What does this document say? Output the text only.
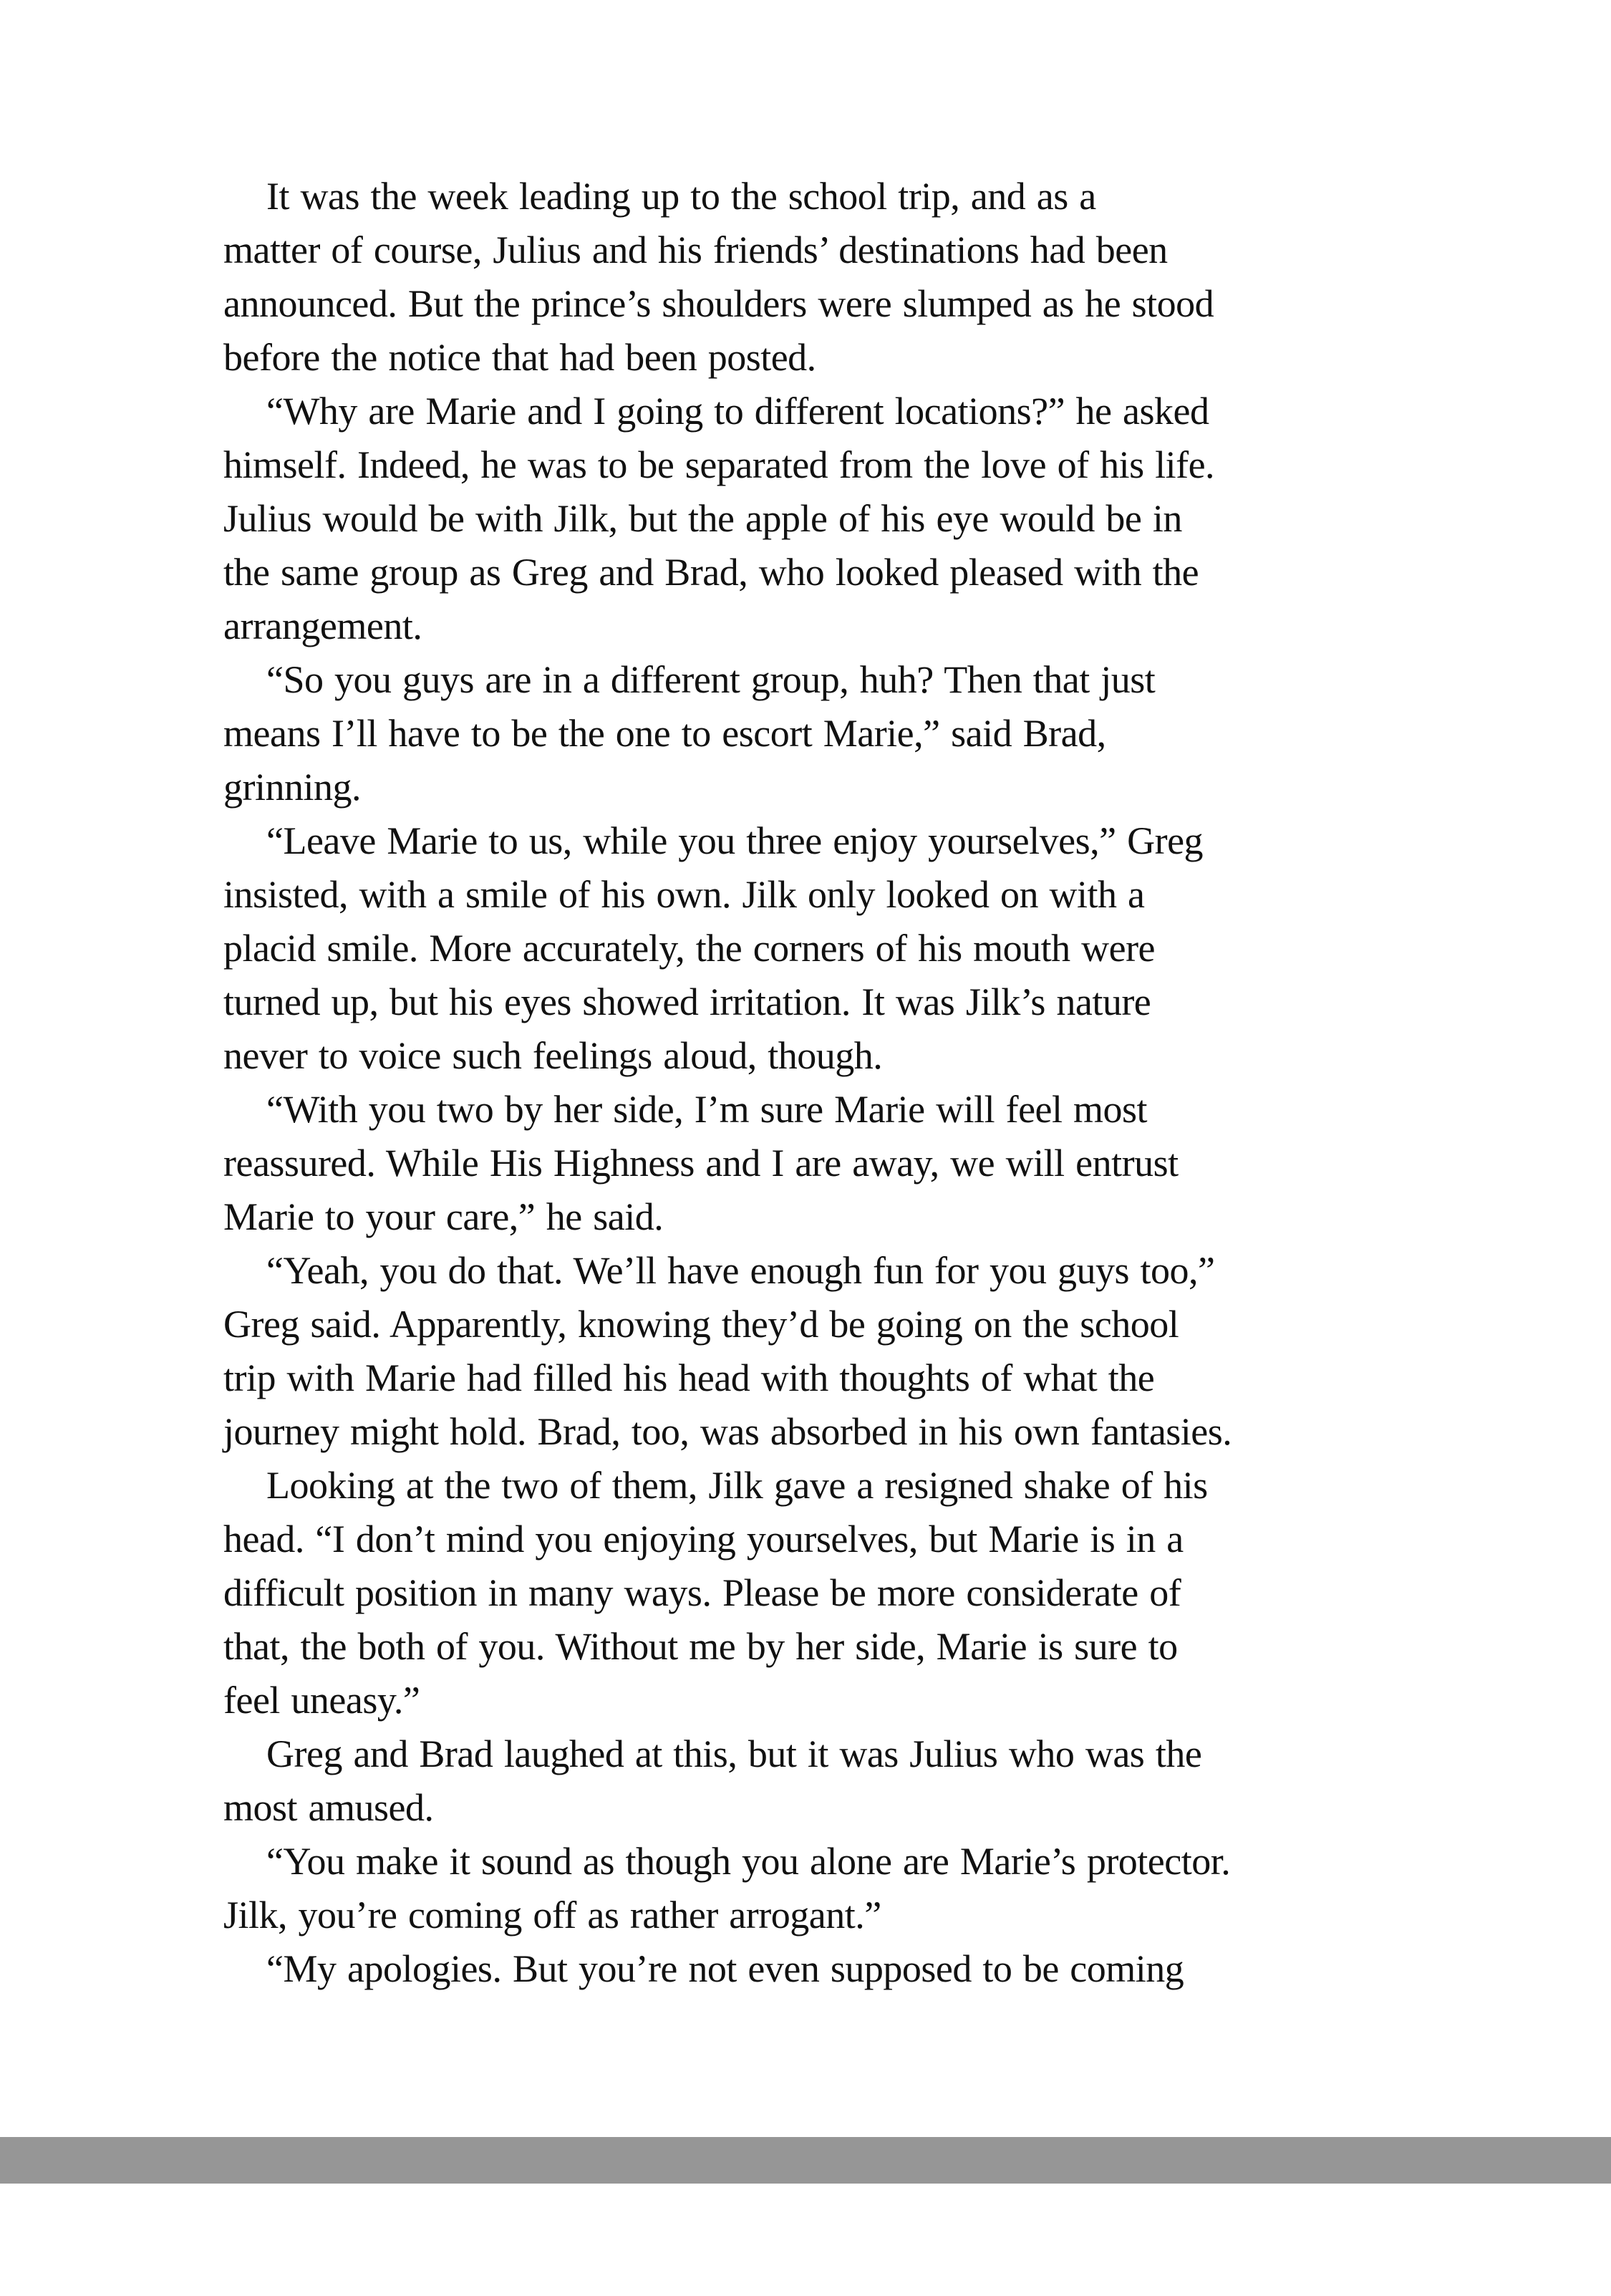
It was the week leading up to the school trip, and as a
matter of course, Julius and his friends’ destinations had been
announced. But the prince’s shoulders were slumped as he stood
before the notice that had been posted.
“Why are Marie and I going to different locations?” he asked
himself. Indeed, he was to be separated from the love of his life.
Julius would be with Jilk, but the apple of his eye would be in
the same group as Greg and Brad, who looked pleased with the
arrangement.
“So you guys are in a different group, huh? Then that just
means I’ll have to be the one to escort Marie,” said Brad,
grinning.
“Leave Marie to us, while you three enjoy yourselves,” Greg
insisted, with a smile of his own. Jilk only looked on with a
placid smile. More accurately, the corners of his mouth were
turned up, but his eyes showed irritation. It was Jilk’s nature
never to voice such feelings aloud, though.
“With you two by her side, I’m sure Marie will feel most
reassured. While His Highness and I are away, we will entrust
Marie to your care,” he said.
“Yeah, you do that. We’ll have enough fun for you guys too,”
Greg said. Apparently, knowing they’d be going on the school
trip with Marie had filled his head with thoughts of what the
journey might hold. Brad, too, was absorbed in his own fantasies.
Looking at the two of them, Jilk gave a resigned shake of his
head. “I don’t mind you enjoying yourselves, but Marie is in a
difficult position in many ways. Please be more considerate of
that, the both of you. Without me by her side, Marie is sure to
feel uneasy.”
Greg and Brad laughed at this, but it was Julius who was the
most amused.
“You make it sound as though you alone are Marie’s protector.
Jilk, you’re coming off as rather arrogant.”
“My apologies. But you’re not even supposed to be coming
